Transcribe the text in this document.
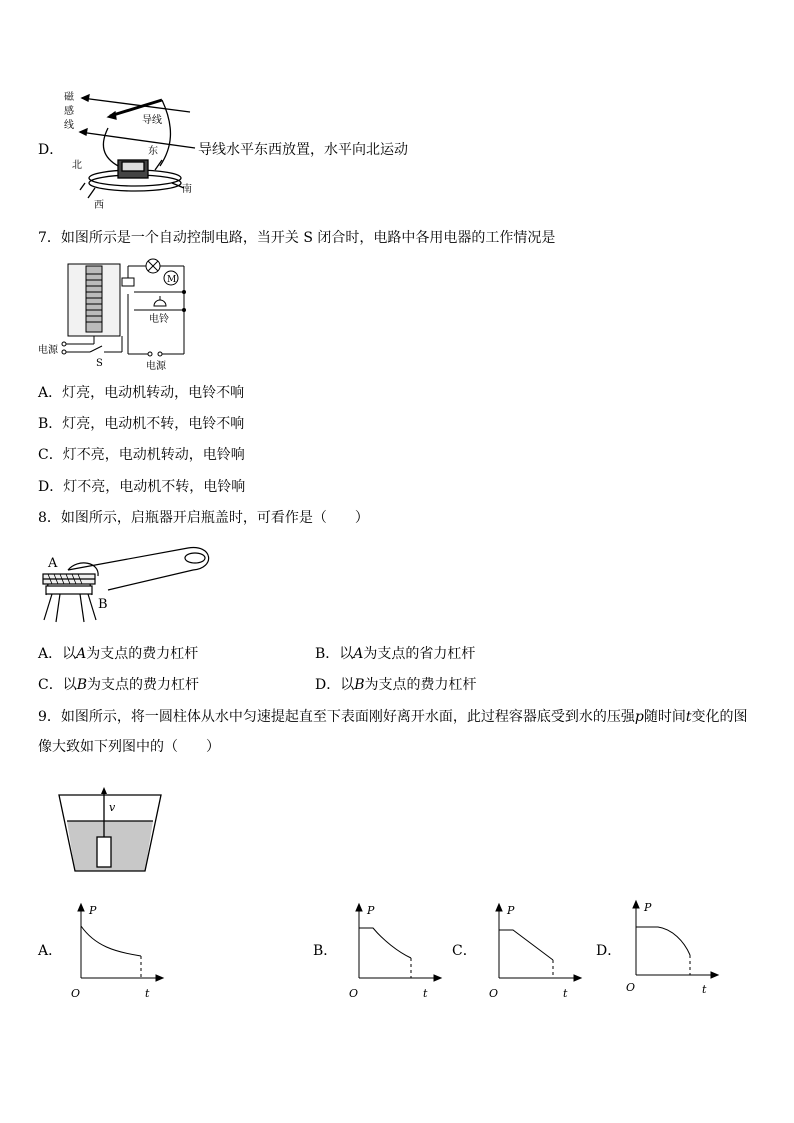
D．
磁
感
线	导线
东
北
西
南
导线水平东西放置，水平向北运动
7．如图所示是一个自动控制电路，当开关 S 闭合时，电路中各用电器的工作情况是
M
电源
S	电源
电铃
A．灯亮，电动机转动，电铃不响
B．灯亮，电动机不转，电铃不响
C．灯不亮，电动机转动，电铃响
D．灯不亮，电动机不转，电铃响
8．如图所示，启瓶器开启瓶盖时，可看作是（　　）
A
B
A．以A为支点的费力杠杆	B．以A为支点的省力杠杆
C．以B为支点的费力杠杆	D．以B为支点的费力杠杆
9．如图所示，将一圆柱体从水中匀速提起直至下表面刚好离开水面，此过程容器底受到水的压强p随时间t变化的图
像大致如下列图中的（　　）
v
A．
P
t
O
B．
P
t
O
C．
P
t
O
D．
P
t
O
